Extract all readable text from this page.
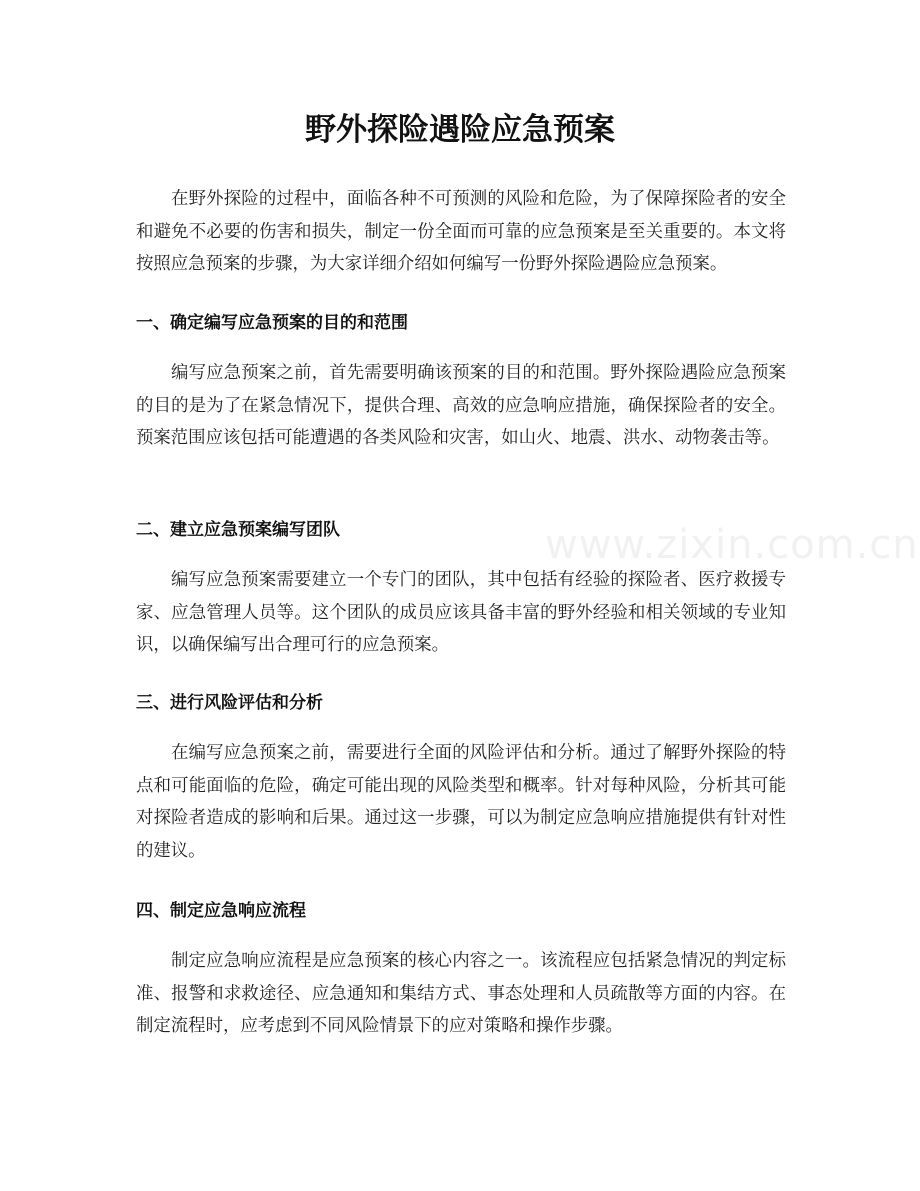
野外探险遇险应急预案

在野外探险的过程中，面临各种不可预测的风险和危险，为了保障探险者的安全和避免不必要的伤害和损失，制定一份全面而可靠的应急预案是至关重要的。本文将按照应急预案的步骤，为大家详细介绍如何编写一份野外探险遇险应急预案。

一、确定编写应急预案的目的和范围

编写应急预案之前，首先需要明确该预案的目的和范围。野外探险遇险应急预案的目的是为了在紧急情况下，提供合理、高效的应急响应措施，确保探险者的安全。预案范围应该包括可能遭遇的各类风险和灾害，如山火、地震、洪水、动物袭击等。

二、建立应急预案编写团队

编写应急预案需要建立一个专门的团队，其中包括有经验的探险者、医疗救援专家、应急管理人员等。这个团队的成员应该具备丰富的野外经验和相关领域的专业知识，以确保编写出合理可行的应急预案。

三、进行风险评估和分析

在编写应急预案之前，需要进行全面的风险评估和分析。通过了解野外探险的特点和可能面临的危险，确定可能出现的风险类型和概率。针对每种风险，分析其可能对探险者造成的影响和后果。通过这一步骤，可以为制定应急响应措施提供有针对性的建议。

四、制定应急响应流程

制定应急响应流程是应急预案的核心内容之一。该流程应包括紧急情况的判定标准、报警和求救途径、应急通知和集结方式、事态处理和人员疏散等方面的内容。在制定流程时，应考虑到不同风险情景下的应对策略和操作步骤。

www.zixin.com.cn
